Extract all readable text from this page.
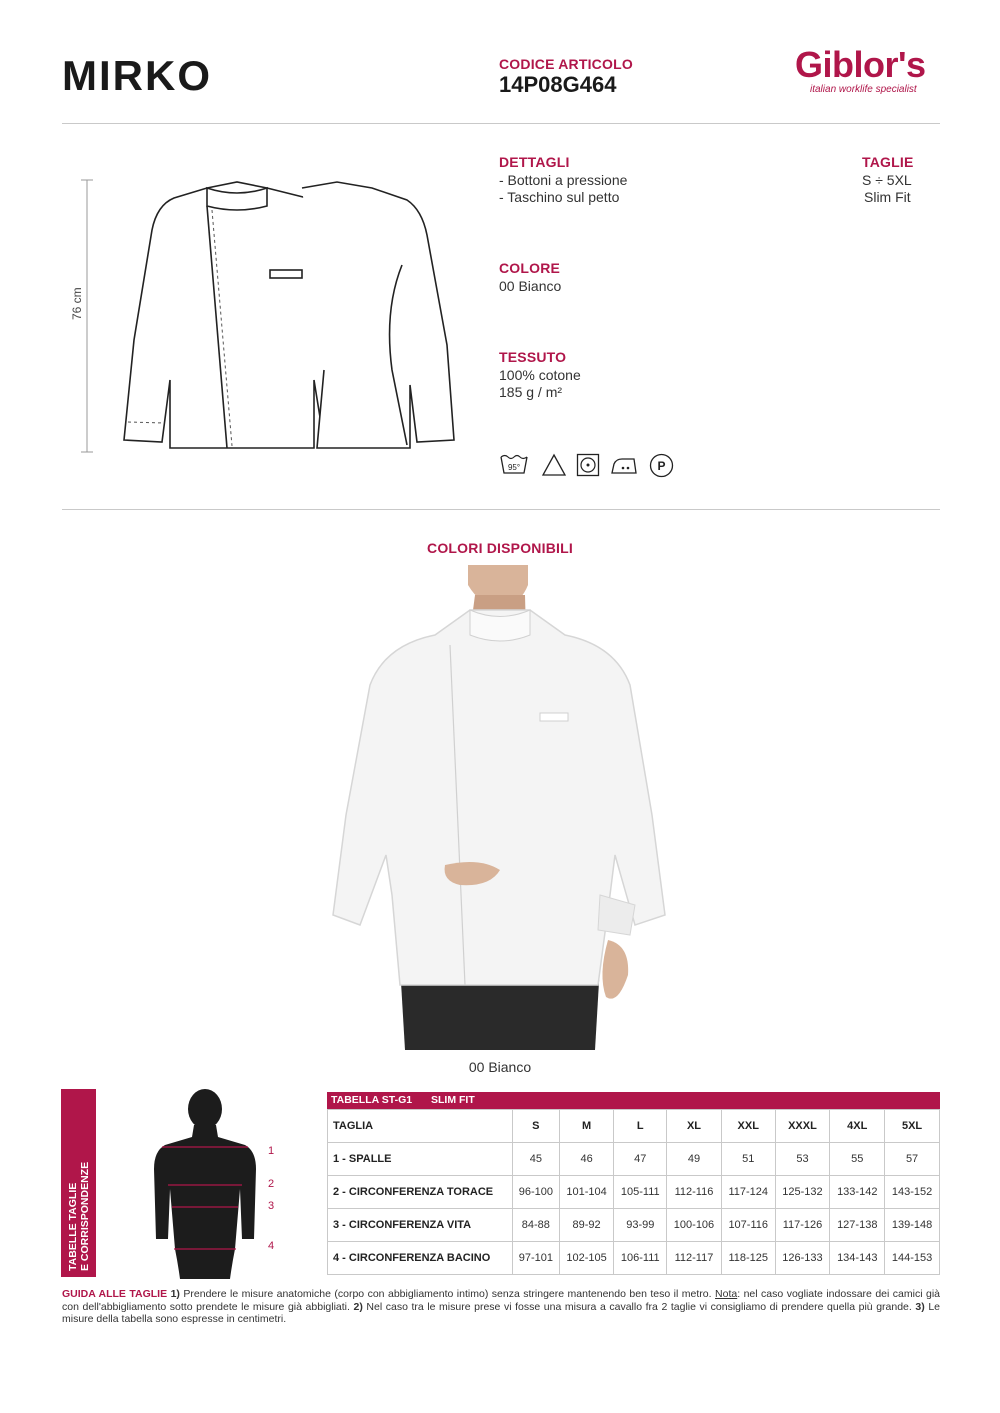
MIRKO	CODICE ARTICOLO
14P08G464	Giblor's
italian worklife specialist
76 cm
DETTAGLI
- Bottoni a pressione
- Taschino sul petto
TAGLIE
S ÷ 5XL
Slim Fit
COLORE
00 Bianco
TESSUTO
100% cotone
185 g / m²
95°	P
COLORI DISPONIBILI
00 Bianco
TABELLE TAGLIE E CORRISPONDENZE
1
2
3
4
TABELLA ST-G1 SLIM FIT
TAGLIA	S	M	L	XL	XXL	XXXL	4XL	5XL
1 - SPALLE	45	46	47	49	51	53	55	57
2 - CIRCONFERENZA TORACE	96-100	101-104	105-111	112-116	117-124	125-132	133-142	143-152
3 - CIRCONFERENZA VITA	84-88	89-92	93-99	100-106	107-116	117-126	127-138	139-148
4 - CIRCONFERENZA BACINO	97-101	102-105	106-111	112-117	118-125	126-133	134-143	144-153
GUIDA ALLE TAGLIE 1) Prendere le misure anatomiche (corpo con abbigliamento intimo) senza stringere mantenendo ben teso il metro. Nota: nel caso vogliate indossare dei camici già con dell'abbigliamento sotto prendete le misure già abbigliati. 2) Nel caso tra le misure prese vi fosse una misura a cavallo fra 2 taglie vi consigliamo di prendere quella più grande. 3) Le misure della tabella sono espresse in centimetri.
